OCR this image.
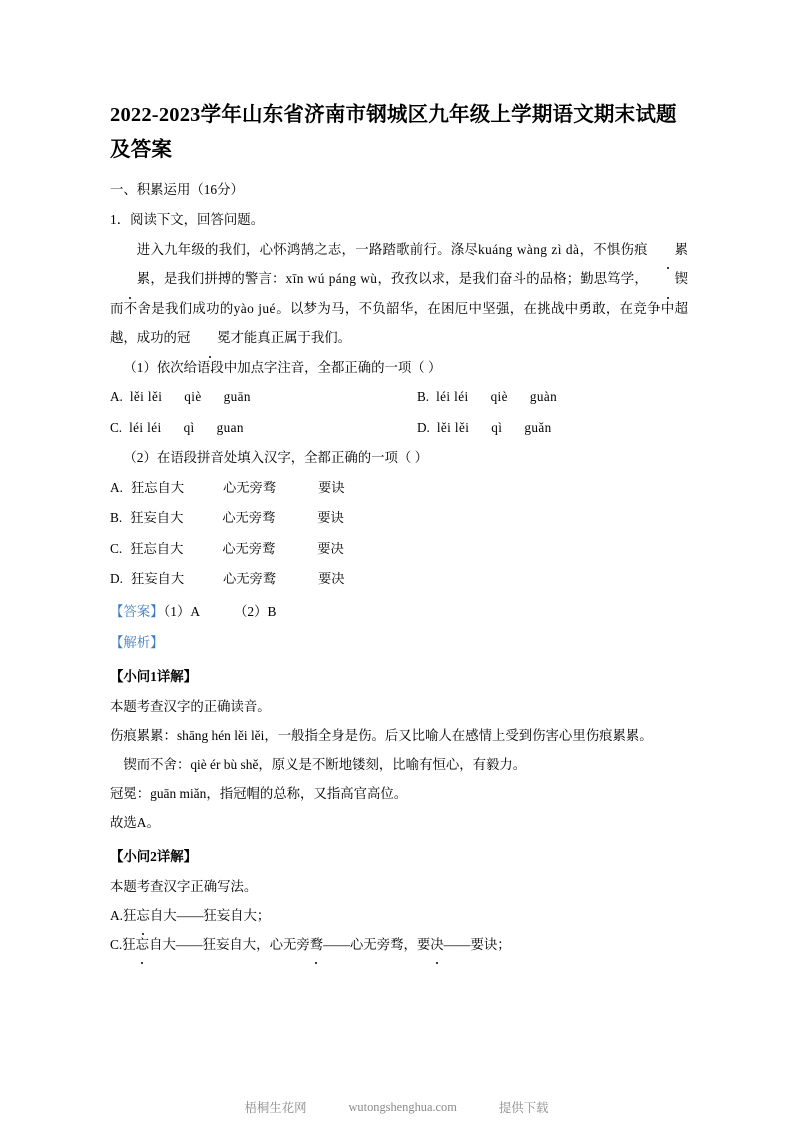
2022-2023学年山东省济南市钢城区九年级上学期语文期末试题及答案

一、积累运用（16分）

1．阅读下文，回答问题。

进入九年级的我们，心怀鸿鹄之志，一路踏歌前行。涤尽kuáng wàng zì dà，不惧伤痕 累累，是我们拼搏的警言：xīn wú páng wù，孜孜以求，是我们奋斗的品格；勤思笃学， 锲而不舍是我们成功的yào jué。以梦为马，不负韶华，在困厄中坚强，在挑战中勇敢，在竞争中超越，成功的冠 冕才能真正属于我们。

（1）依次给语段中加点字注音，全都正确的一项（ ）

A. lěi lěi qiè guān	B. léi léi qiè guàn
C. léi léi qì guan	D. lěi lěi qì guǎn

（2）在语段拼音处填入汉字，全都正确的一项（ ）

A. 狂忘自大	心无旁骛	要诀
B. 狂妄自大	心无旁骛	要诀
C. 狂忘自大	心无旁鹜	要决
D. 狂妄自大	心无旁鹜	要决

【答案】（1）A	（2）B

【解析】

【小问1详解】

本题考查汉字的正确读音。

伤痕累累：shāng hén lěi lěi，一般指全身是伤。后又比喻人在感情上受到伤害心里伤痕累累。

锲而不舍：qiè ér bù shě，原义是不断地镂刻，比喻有恒心，有毅力。

冠冕：guān miǎn，指冠帽的总称，又指高官高位。

故选A。

【小问2详解】

本题考查汉字正确写法。

A.狂忘自大——狂妄自大；

C.狂忘自大——狂妄自大，心无旁鹜——心无旁骛，要决——要诀；

梧桐生花网	wutongshenghua.com	提供下载
